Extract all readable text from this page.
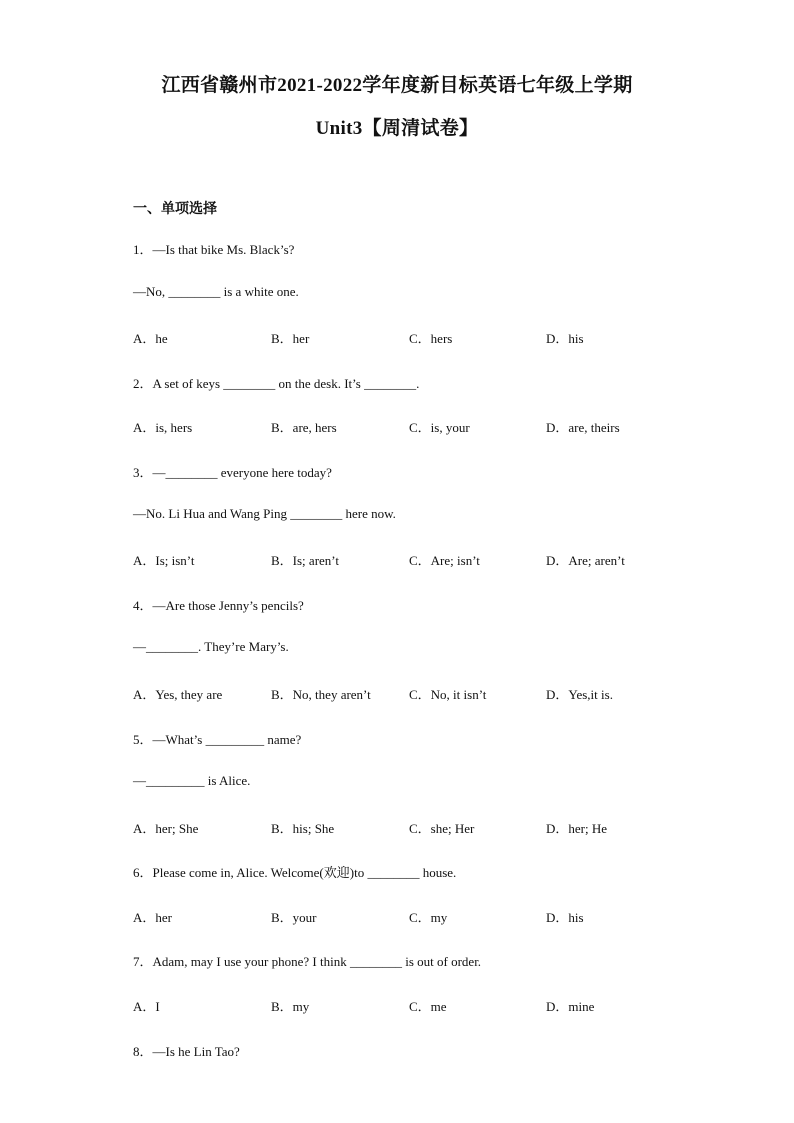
江西省赣州市2021-2022学年度新目标英语七年级上学期
Unit3【周清试卷】
一、单项选择
1．—Is that bike Ms. Black’s?
—No, ________ is a white one.
A．he	B．her	C．hers	D．his
2．A set of keys ________ on the desk. It’s ________.
A．is, hers	B．are, hers	C．is, your	D．are, theirs
3．—________ everyone here today?
—No. Li Hua and Wang Ping ________ here now.
A．Is; isn’t	B．Is; aren’t	C．Are; isn’t	D．Are; aren’t
4．—Are those Jenny’s pencils?
—________. They’re Mary’s.
A．Yes, they are	B．No, they aren’t	C．No, it isn’t	D．Yes,it is.
5．—What’s _________ name?
—_________ is Alice.
A．her; She	B．his; She	C．she; Her	D．her; He
6．Please come in, Alice. Welcome(欢迎)to ________ house.
A．her	B．your	C．my	D．his
7．Adam, may I use your phone? I think ________ is out of order.
A．I	B．my	C．me	D．mine
8．—Is he Lin Tao?
